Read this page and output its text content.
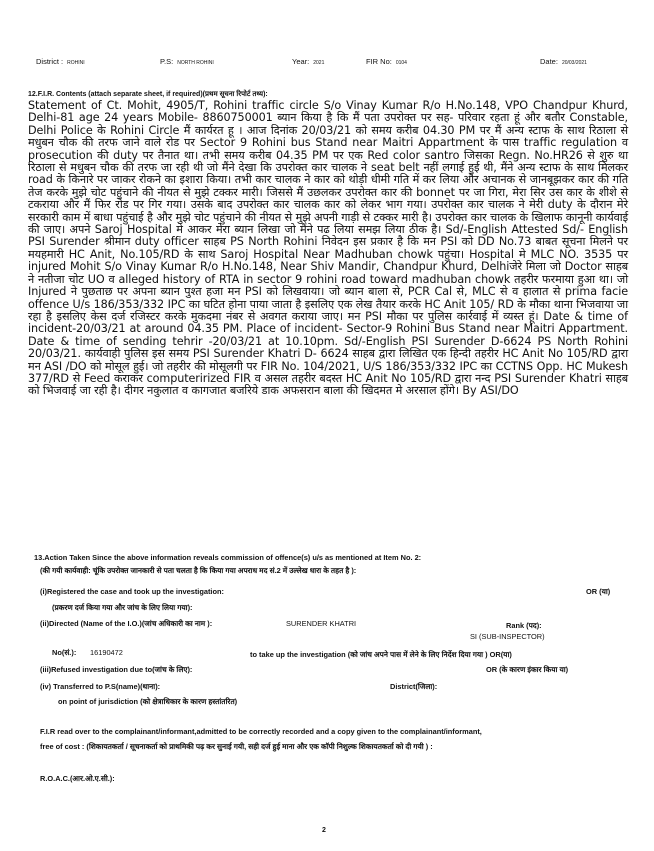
District : ROHINI	P.S: NORTH ROHINI	Year: 2021	FIR No: 0104	Date: 20/03/2021
12.F.I.R. Contents (attach separate sheet, if required)(प्रथम सूचना रिपोर्ट तथ्य):
Statement of Ct. Mohit, 4905/T, Rohini traffic circle S/o Vinay Kumar R/o H.No.148, VPO Chandpur Khurd, Delhi-81 age 24 years Mobile- 8860750001 ब्यान किया है कि मैं पता उपरोक्त पर सह- परिवार रहता हूं और बतौर Constable, Delhi Police के Rohini Circle मैं कार्यरत हू । आज दिनांक 20/03/21 को समय करीब 04.30 PM पर मैं अन्य स्टाफ के साथ रिठाला से मधुबन चौक की तरफ जाने वाले रोड पर Sector 9 Rohini bus Stand near Maitri Appartment के पास traffic regulation व prosecution की duty पर तैनात था। तभी समय करीब 04.35 PM पर एक Red color santro जिसका Regn. No.HR26 से शुरु था रिठाला से मधुबन चौक की तरफ जा रही थी जो मैंने देखा कि उपरोक्त कार चालक ने seat belt नहीं लगाई हुई थी, मैंने अन्य स्टाफ के साथ मिलकर road के किनारे पर जाकर रोकने का इशारा किया। तभी कार चालक ने कार को थोड़ी धीमी गति में कर लिया और अचानक से जानबूझकर कार की गति तेज करके मुझे चोट पहुंचाने की नीयत से मुझे टक्कर मारी। जिससे मैं उछलकर उपरोक्त कार की bonnet पर जा गिरा, मेरा सिर उस कार के शीशे से टकराया और मैं फिर रोड पर गिर गया। उसके बाद उपरोक्त कार चालक कार को लेकर भाग गया। उपरोक्त कार चालक ने मेरी duty के दौरान मेरे सरकारी काम में बाधा पहुंचाई है और मुझे चोट पहुंचाने की नीयत से मुझे अपनी गाड़ी से टक्कर मारी है। उपरोक्त कार चालक के खिलाफ कानूनी कार्यवाई की जाए। अपने Saroj Hospital मे आकर मेरा ब्यान लिखा जो मैंने पढ लिया समझ लिया ठीक है। Sd/-English Attested Sd/- English PSI Surender श्रीमान duty officer साहब PS North Rohini निवेदन इस प्रकार है कि मन PSI को DD No.73 बाबत सूचना मिलने पर मयहमारी HC Anit, No.105/RD के साथ Saroj Hospital Near Madhuban chowk पहुंचा। Hospital मे MLC NO. 3535 पर injured Mohit S/o Vinay Kumar R/o H.No.148, Near Shiv Mandir, Chandpur Khurd, Delhiजेरे मिला जो Doctor साहब ने नतीजा चोट UO व alleged history of RTA in sector 9 rohini road toward madhuban chowk तहरीर फरमाया हुआ था। जो Injured ने पुछताछ पर अपना ब्यान पुश्त हजा मन PSI को लिखवाया। जो ब्यान बाला से, PCR Cal से, MLC से व हालात से prima facie offence U/s 186/353/332 IPC का घटित होना पाया जाता है इसलिए एक लेख तैयार करके HC Anit 105/ RD के मौका थाना भिजवाया जा रहा है इसलिए केस दर्ज रजिस्टर करके मुकदमा नंबर से अवगत कराया जाए। मन PSI मौका पर पुलिस कार्रवाई में व्यस्त हूं। Date & time of incident-20/03/21 at around 04.35 PM. Place of incident- Sector-9 Rohini Bus Stand near Maitri Appartment. Date & time of sending tehrir -20/03/21 at 10.10pm. Sd/-English PSI Surender D-6624 PS North Rohini 20/03/21. कार्यवाही पुलिस इस समय PSI Surender Khatri D- 6624 साहब द्वारा लिखित एक हिन्दी तहरीर HC Anit No 105/RD द्वारा मन ASI /DO को मोसूल हुई। जो तहरीर की मोसूलगी पर FIR No. 104/2021, U/S 186/353/332 IPC का CCTNS Opp. HC Mukesh 377/RD से Feed कराकर computerirized FIR व असल तहरीर बदस्त HC Anit No 105/RD द्वारा नन्द PSI Surender Khatri साहब को भिजवाई जा रही है। दीगर नकुलात व कागजात बजरिये डाक अफसरान बाला की खिदमत मे अरसाल होंगे। By ASI/DO
13.Action Taken Since the above information reveals commission of offence(s) u/s as mentioned at Item No. 2:
(की गयी कार्यवाही: चूंकि उपरोक्त जानकारी से पता चलता है कि किया गया अपराध मद सं.2 में उल्लेख धारा के तहत है ):
(i)Registered the case and took up the investigation:	OR (या)
(प्रकरण दर्ज किया गया और जांच के लिए लिया गया):
(ii)Directed (Name of the I.O.)(जांच अधिकारी का नाम ):	SURENDER KHATRI	Rank (पद):
SI (SUB-INSPECTOR)
No(सं.): 16190472	to take up the investigation (को जांच अपने पास में लेने के लिए निर्देश दिया गया ) OR(या)
(iii)Refused investigation due to(जांच के लिए):	OR (के कारण इंकार किया या)
(iv) Transferred to P.S(name)(थाना):	District(जिला):
on point of jurisdiction (को क्षेत्राधिकार के कारण हस्तांतरित)
F.I.R read over to the complainant/informant,admitted to be correctly recorded and a copy given to the complainant/informant,
free of cost : (शिकायतकर्ता / सूचनाकर्ता को प्राथमिकी पढ़ कर सुनाई गयी, सही दर्ज हुई माना और एक कॉपी निशुल्क शिकायतकर्ता को दी गयी ) :
R.O.A.C.(आर.ओ.ए.सी.):
2
